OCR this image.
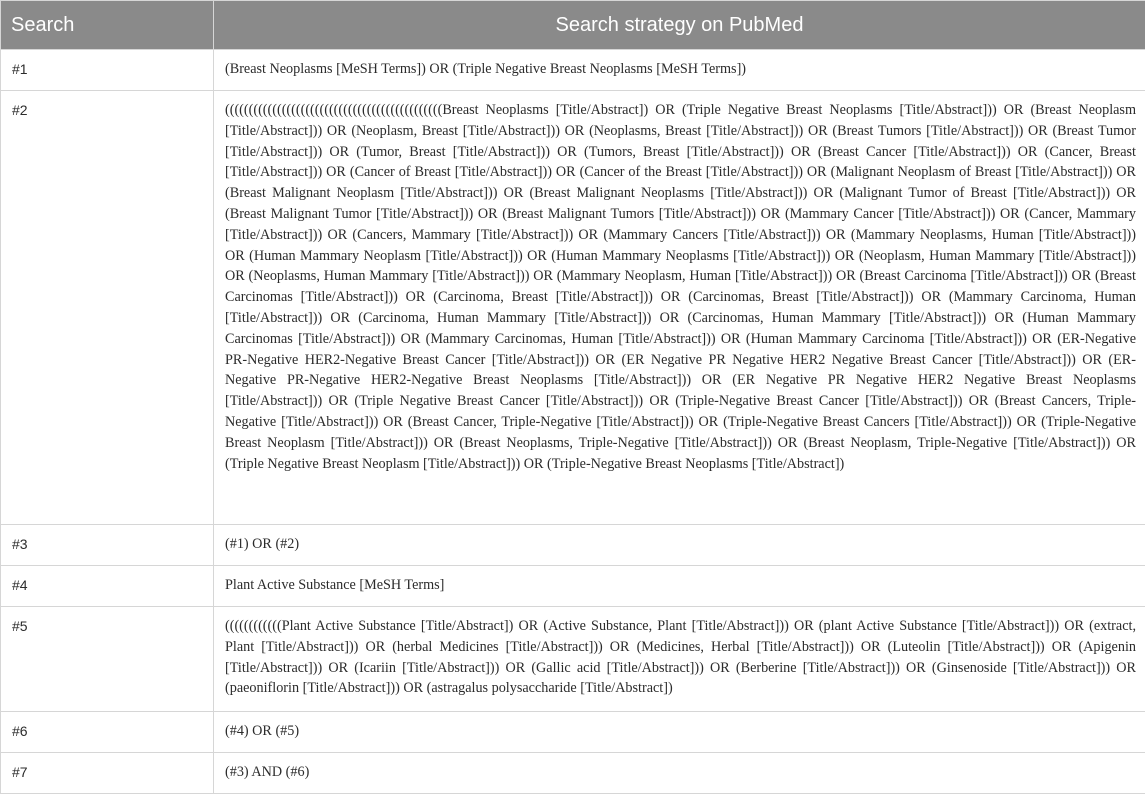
Search	Search strategy on PubMed
#1	(Breast Neoplasms [MeSH Terms]) OR (Triple Negative Breast Neoplasms [MeSH Terms])
#2	((((((((((((((((((((((((((((((((((((((((((((((Breast Neoplasms [Title/Abstract]) OR (Triple Negative Breast Neoplasms [Title/Abstract])) OR (Breast Neoplasm [Title/Abstract])) OR (Neoplasm, Breast [Title/Abstract])) OR (Neoplasms, Breast [Title/Abstract])) OR (Breast Tumors [Title/Abstract])) OR (Breast Tumor [Title/Abstract])) OR (Tumor, Breast [Title/Abstract])) OR (Tumors, Breast [Title/Abstract])) OR (Breast Cancer [Title/Abstract])) OR (Cancer, Breast [Title/Abstract])) OR (Cancer of Breast [Title/Abstract])) OR (Cancer of the Breast [Title/Abstract])) OR (Malignant Neoplasm of Breast [Title/Abstract])) OR (Breast Malignant Neoplasm [Title/Abstract])) OR (Breast Malignant Neoplasms [Title/Abstract])) OR (Malignant Tumor of Breast [Title/Abstract])) OR (Breast Malignant Tumor [Title/Abstract])) OR (Breast Malignant Tumors [Title/Abstract])) OR (Mammary Cancer [Title/Abstract])) OR (Cancer, Mammary [Title/Abstract])) OR (Cancers, Mammary [Title/Abstract])) OR (Mammary Cancers [Title/Abstract])) OR (Mammary Neoplasms, Human [Title/Abstract])) OR (Human Mammary Neoplasm [Title/Abstract])) OR (Human Mammary Neoplasms [Title/Abstract])) OR (Neoplasm, Human Mammary [Title/Abstract])) OR (Neoplasms, Human Mammary [Title/Abstract])) OR (Mammary Neoplasm, Human [Title/Abstract])) OR (Breast Carcinoma [Title/Abstract])) OR (Breast Carcinomas [Title/Abstract])) OR (Carcinoma, Breast [Title/Abstract])) OR (Carcinomas, Breast [Title/Abstract])) OR (Mammary Carcinoma, Human [Title/Abstract])) OR (Carcinoma, Human Mammary [Title/Abstract])) OR (Carcinomas, Human Mammary [Title/Abstract])) OR (Human Mammary Carcinomas [Title/Abstract])) OR (Mammary Carcinomas, Human [Title/Abstract])) OR (Human Mammary Carcinoma [Title/Abstract])) OR (ER-Negative PR-Negative HER2-Negative Breast Cancer [Title/Abstract])) OR (ER Negative PR Negative HER2 Negative Breast Cancer [Title/Abstract])) OR (ER-Negative PR-Negative HER2-Negative Breast Neoplasms [Title/Abstract])) OR (ER Negative PR Negative HER2 Negative Breast Neoplasms [Title/Abstract])) OR (Triple Negative Breast Cancer [Title/Abstract])) OR (Triple-Negative Breast Cancer [Title/Abstract])) OR (Breast Cancers, Triple-Negative [Title/Abstract])) OR (Breast Cancer, Triple-Negative [Title/Abstract])) OR (Triple-Negative Breast Cancers [Title/Abstract])) OR (Triple-Negative Breast Neoplasm [Title/Abstract])) OR (Breast Neoplasms, Triple-Negative [Title/Abstract])) OR (Breast Neoplasm, Triple-Negative [Title/Abstract])) OR (Triple Negative Breast Neoplasm [Title/Abstract])) OR (Triple-Negative Breast Neoplasms [Title/Abstract])
#3	(#1) OR (#2)
#4	Plant Active Substance [MeSH Terms]
#5	((((((((((((Plant Active Substance [Title/Abstract]) OR (Active Substance, Plant [Title/Abstract])) OR (plant Active Substance [Title/Abstract])) OR (extract, Plant [Title/Abstract])) OR (herbal Medicines [Title/Abstract])) OR (Medicines, Herbal [Title/Abstract])) OR (Luteolin [Title/Abstract])) OR (Apigenin [Title/Abstract])) OR (Icariin [Title/Abstract])) OR (Gallic acid [Title/Abstract])) OR (Berberine [Title/Abstract])) OR (Ginsenoside [Title/Abstract])) OR (paeoniflorin [Title/Abstract])) OR (astragalus polysaccharide [Title/Abstract])
#6	(#4) OR (#5)
#7	(#3) AND (#6)
